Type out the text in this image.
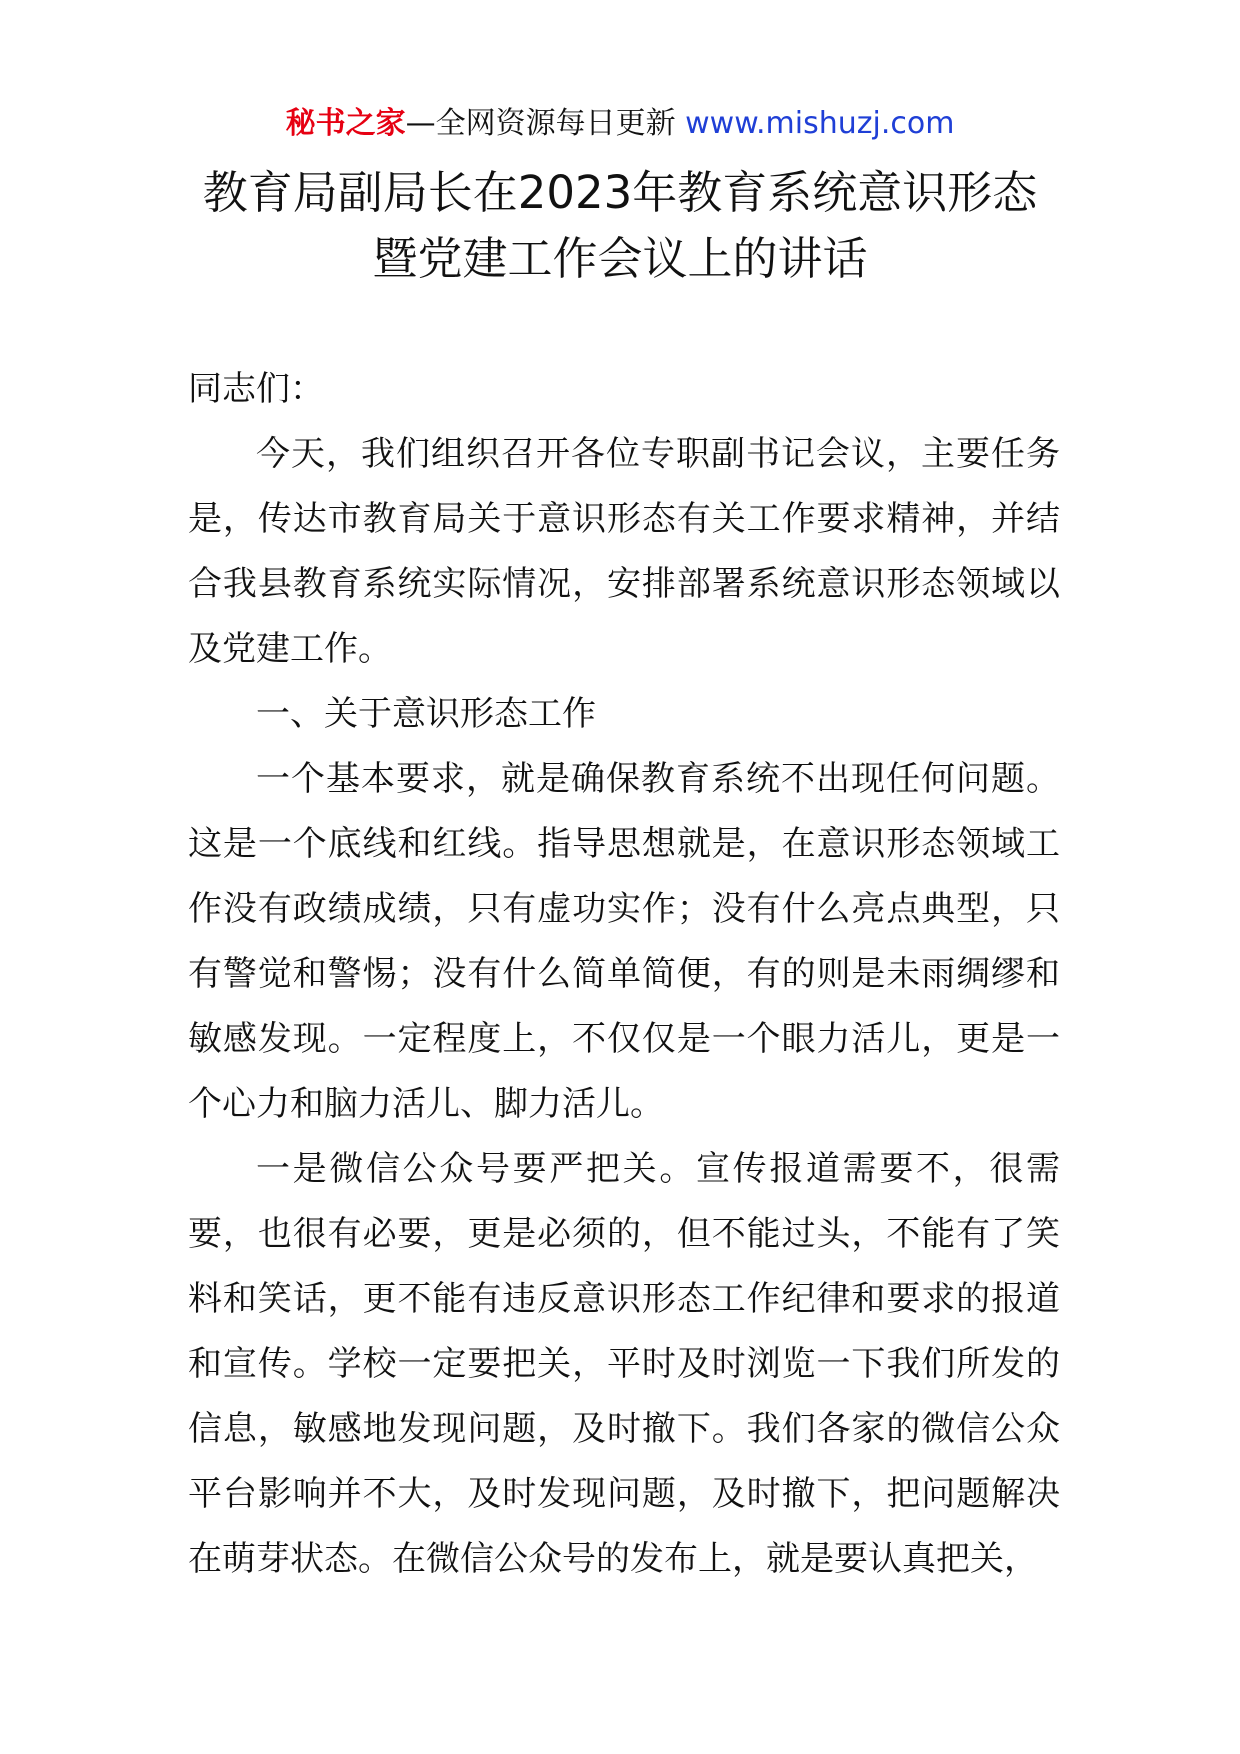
秘书之家—全网资源每日更新 www.mishuzj.com
教育局副局长在2023年教育系统意识形态
暨党建工作会议上的讲话

同志们：

今天，我们组织召开各位专职副书记会议，主要任务是，传达市教育局关于意识形态有关工作要求精神，并结合我县教育系统实际情况，安排部署系统意识形态领域以及党建工作。

一、关于意识形态工作

一个基本要求，就是确保教育系统不出现任何问题。这是一个底线和红线。指导思想就是，在意识形态领域工作没有政绩成绩，只有虚功实作；没有什么亮点典型，只有警觉和警惕；没有什么简单简便，有的则是未雨绸缪和敏感发现。一定程度上，不仅仅是一个眼力活儿，更是一个心力和脑力活儿、脚力活儿。

一是微信公众号要严把关。宣传报道需要不，很需要，也很有必要，更是必须的，但不能过头，不能有了笑料和笑话，更不能有违反意识形态工作纪律和要求的报道和宣传。学校一定要把关，平时及时浏览一下我们所发的信息，敏感地发现问题，及时撤下。我们各家的微信公众平台影响并不大，及时发现问题，及时撤下，把问题解决在萌芽状态。在微信公众号的发布上，就是要认真把关，
